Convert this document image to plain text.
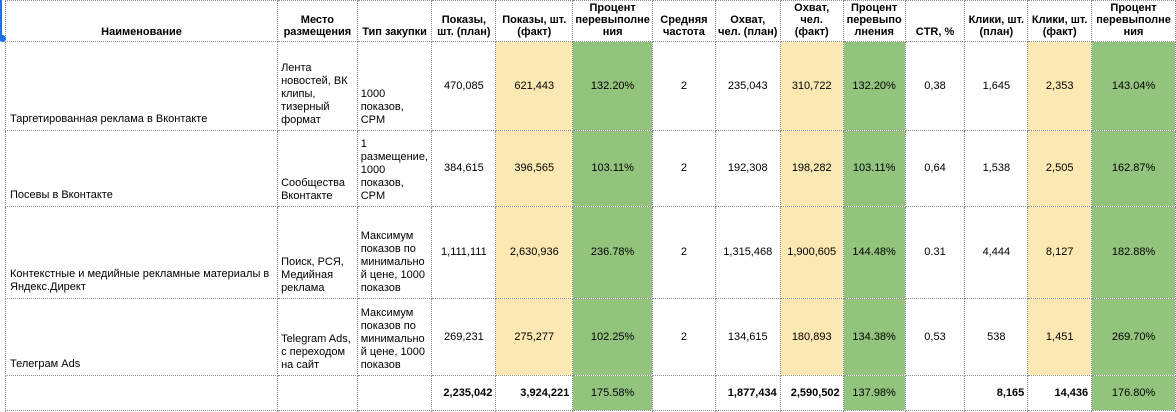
Наименование	Место размещения	Тип закупки	Показы, шт. (план)	Показы, шт. (факт)	Процент перевыполнения	Средняя частота	Охват, чел. (план)	Охват, чел. (факт)	Процент перевыполнения	CTR, %	Клики, шт. (план)	Клики, шт. (факт)	Процент перевыполнения
Таргетированная реклама в Вконтакте	Лента новостей, ВК клипы, тизерный формат	1000 показов, CPM	470,085	621,443	132.20%	2	235,043	310,722	132.20%	0,38	1,645	2,353	143.04%
Посевы в Вконтакте	Сообщества Вконтакте	1 размещение, 1000 показов, CPM	384,615	396,565	103.11%	2	192,308	198,282	103.11%	0,64	1,538	2,505	162.87%
Контекстные и медийные рекламные материалы в Яндекс.Директ	Поиск, РСЯ, Медийная реклама	Максимум показов по минимальной цене, 1000 показов	1,111,111	2,630,936	236.78%	2	1,315,468	1,900,605	144.48%	0.31	4,444	8,127	182.88%
Телеграм Ads	Telegram Ads, с переходом на сайт	Максимум показов по минимальной цене, 1000 показов	269,231	275,277	102.25%	2	134,615	180,893	134.38%	0,53	538	1,451	269.70%
			2,235,042	3,924,221	175.58%		1,877,434	2,590,502	137.98%		8,165	14,436	176.80%
